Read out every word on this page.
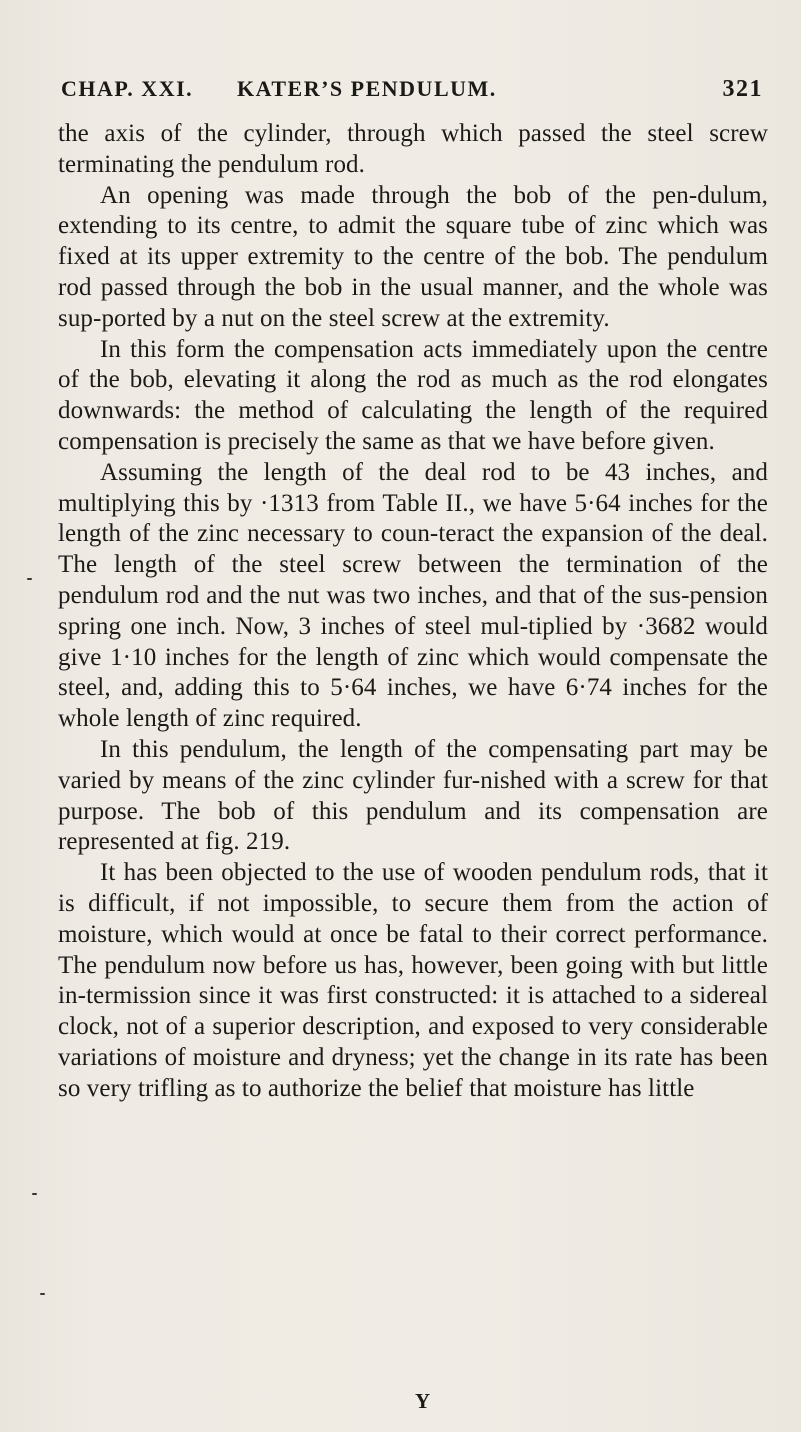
CHAP. XXI. KATER’S PENDULUM.	321

the axis of the cylinder, through which passed the steel screw terminating the pendulum rod.

An opening was made through the bob of the pen-dulum, extending to its centre, to admit the square tube of zinc which was fixed at its upper extremity to the centre of the bob. The pendulum rod passed through the bob in the usual manner, and the whole was sup-ported by a nut on the steel screw at the extremity.

In this form the compensation acts immediately upon the centre of the bob, elevating it along the rod as much as the rod elongates downwards: the method of calculating the length of the required compensation is precisely the same as that we have before given.

Assuming the length of the deal rod to be 43 inches, and multiplying this by ·1313 from Table II., we have 5·64 inches for the length of the zinc necessary to coun-teract the expansion of the deal. The length of the steel screw between the termination of the pendulum rod and the nut was two inches, and that of the sus-pension spring one inch. Now, 3 inches of steel mul-tiplied by ·3682 would give 1·10 inches for the length of zinc which would compensate the steel, and, adding this to 5·64 inches, we have 6·74 inches for the whole length of zinc required.

In this pendulum, the length of the compensating part may be varied by means of the zinc cylinder fur-nished with a screw for that purpose. The bob of this pendulum and its compensation are represented at fig. 219.

It has been objected to the use of wooden pendulum rods, that it is difficult, if not impossible, to secure them from the action of moisture, which would at once be fatal to their correct performance. The pendulum now before us has, however, been going with but little in-termission since it was first constructed: it is attached to a sidereal clock, not of a superior description, and exposed to very considerable variations of moisture and dryness; yet the change in its rate has been so very trifling as to authorize the belief that moisture has little

Y
